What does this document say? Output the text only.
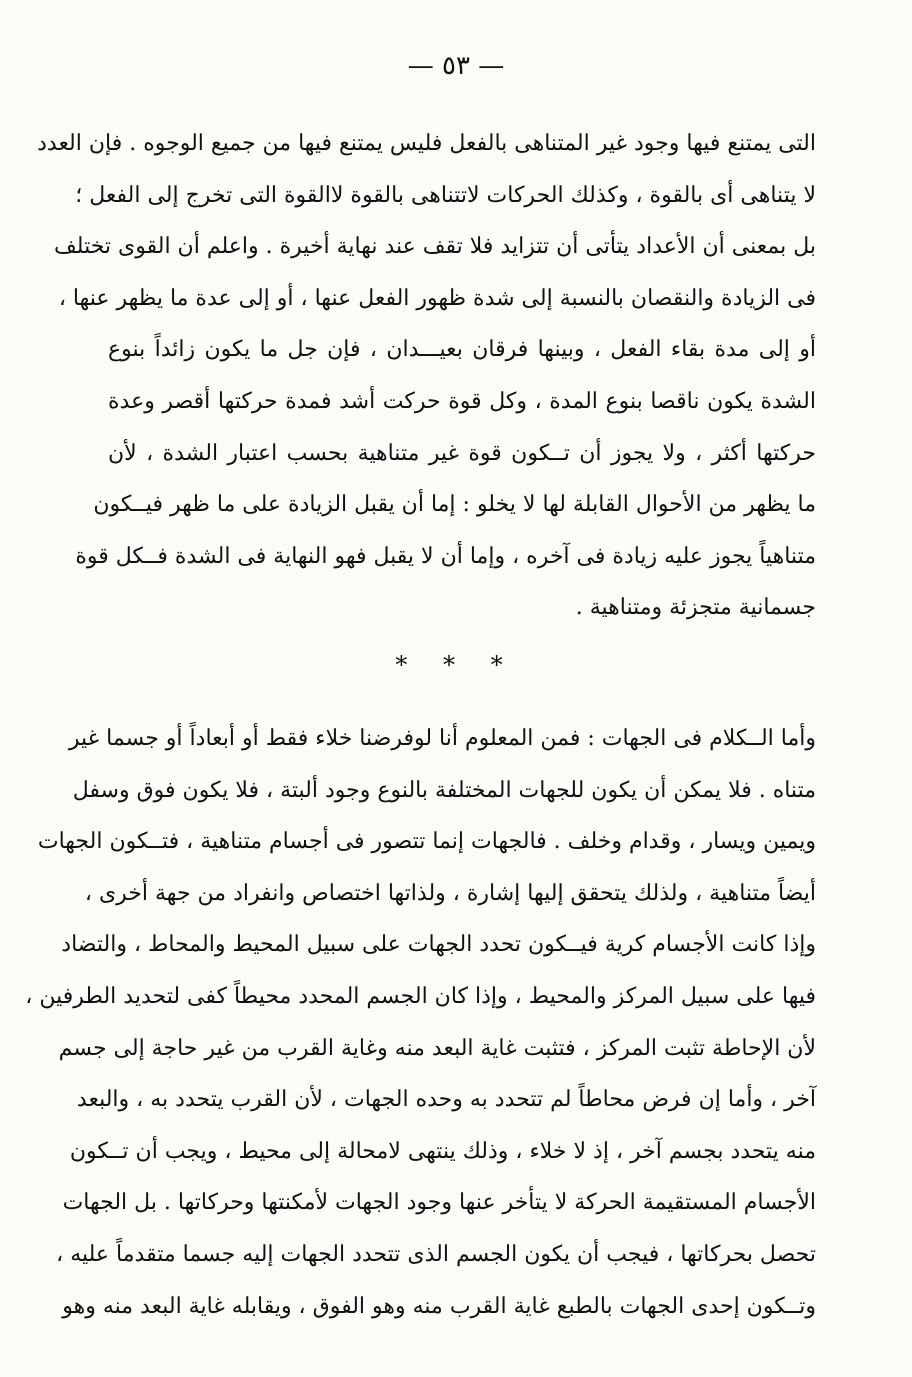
— ٥٣ —
التى يمتنع فيها وجود غير المتناهى بالفعل فليس يمتنع فيها من جميع الوجوه . فإن العدد
لا يتناهى أى بالقوة ، وكذلك الحركات لاتتناهى بالقوة لاالقوة التى تخرج إلى الفعل ؛
بل بمعنى أن الأعداد يتأتى أن تتزايد فلا تقف عند نهاية أخيرة . واعلم أن القوى تختلف
فى الزيادة والنقصان بالنسبة إلى شدة ظهور الفعل عنها ، أو إلى عدة ما يظهر عنها ،
أو إلى مدة بقاء الفعل ، وبينها فرقان بعيـــدان ، فإن جل ما يكون زائداً بنوع
الشدة يكون ناقصا بنوع المدة ، وكل قوة حركت أشد فمدة حركتها أقصر وعدة
حركتها أكثر ، ولا يجوز أن تــكون قوة غير متناهية بحسب اعتبار الشدة ، لأن
ما يظهر من الأحوال القابلة لها لا يخلو : إما أن يقبل الزيادة على ما ظهر فيــكون
متناهياً يجوز عليه زيادة فى آخره ، وإما أن لا يقبل فهو النهاية فى الشدة فــكل قوة
جسمانية متجزئة ومتناهية .
* * *
وأما الــكلام فى الجهات : فمن المعلوم أنا لوفرضنا خلاء فقط أو أبعاداً أو جسما غير
متناه . فلا يمكن أن يكون للجهات المختلفة بالنوع وجود ألبتة ، فلا يكون فوق وسفل
ويمين ويسار ، وقدام وخلف . فالجهات إنما تتصور فى أجسام متناهية ، فتــكون الجهات
أيضاً متناهية ، ولذلك يتحقق إليها إشارة ، ولذاتها اختصاص وانفراد من جهة أخرى ،
وإذا كانت الأجسام كرية فيــكون تحدد الجهات على سبيل المحيط والمحاط ، والتضاد
فيها على سبيل المركز والمحيط ، وإذا كان الجسم المحدد محيطاً كفى لتحديد الطرفين ،
لأن الإحاطة تثبت المركز ، فتثبت غاية البعد منه وغاية القرب من غير حاجة إلى جسم
آخر ، وأما إن فرض محاطاً لم تتحدد به وحده الجهات ، لأن القرب يتحدد به ، والبعد
منه يتحدد بجسم آخر ، إذ لا خلاء ، وذلك ينتهى لامحالة إلى محيط ، ويجب أن تــكون
الأجسام المستقيمة الحركة لا يتأخر عنها وجود الجهات لأمكنتها وحركاتها . بل الجهات
تحصل بحركاتها ، فيجب أن يكون الجسم الذى تتحدد الجهات إليه جسما متقدماً عليه ،
وتــكون إحدى الجهات بالطبع غاية القرب منه وهو الفوق ، ويقابله غاية البعد منه وهو
